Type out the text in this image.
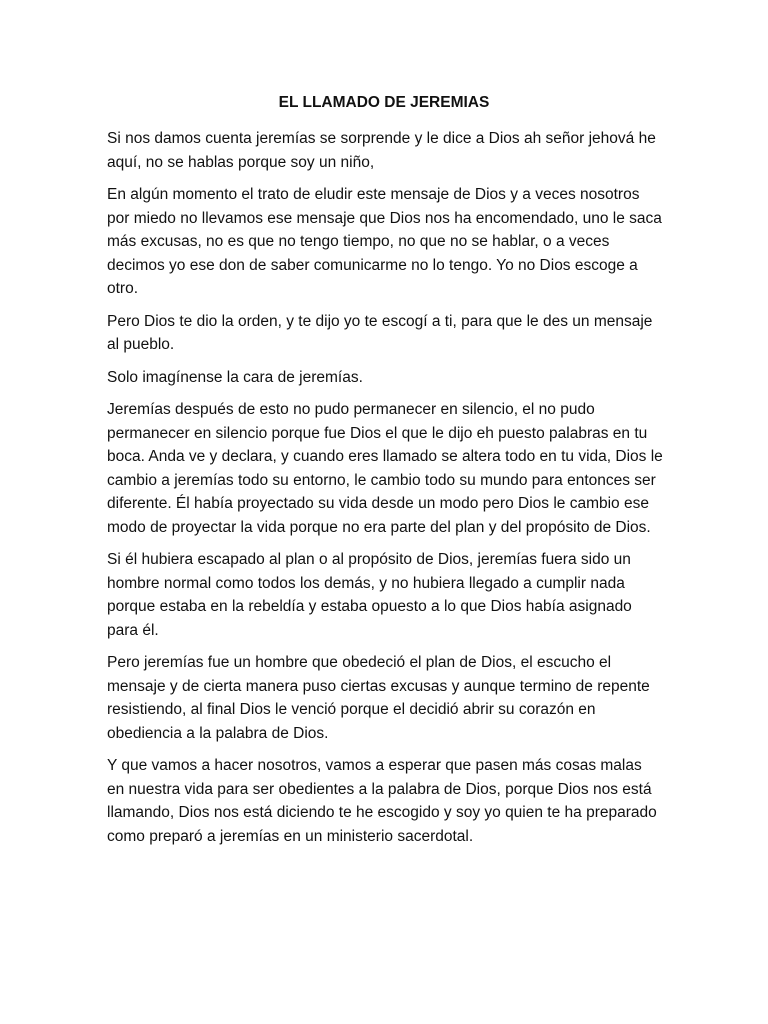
EL LLAMADO DE JEREMIAS

Si nos damos cuenta jeremías se sorprende y le dice a Dios ah señor jehová he aquí, no se hablas porque soy un niño,

En algún momento el trato de eludir este mensaje de Dios y a veces nosotros por miedo no llevamos ese mensaje que Dios nos ha encomendado, uno le saca más excusas, no es que no tengo tiempo, no que no se hablar, o a veces decimos yo ese don de saber comunicarme no lo tengo. Yo no Dios escoge a otro.

Pero Dios te dio la orden, y te dijo yo te escogí a ti, para que le des un mensaje al pueblo.

Solo imagínense la cara de jeremías.

Jeremías después de esto no pudo permanecer en silencio, el no pudo permanecer en silencio porque fue Dios el que le dijo eh puesto palabras en tu boca. Anda ve y declara, y cuando eres llamado se altera todo en tu vida, Dios le cambio a jeremías todo su entorno, le cambio todo su mundo para entonces ser diferente. Él había proyectado su vida desde un modo pero Dios le cambio ese modo de proyectar la vida porque no era parte del plan y del propósito de Dios.

Si él hubiera escapado al plan o al propósito de Dios, jeremías fuera sido un hombre normal como todos los demás, y no hubiera llegado a cumplir nada porque estaba en la rebeldía y estaba opuesto a lo que Dios había asignado para él.

Pero jeremías fue un hombre que obedeció el plan de Dios, el escucho el mensaje y de cierta manera puso ciertas excusas y aunque termino de repente resistiendo, al final Dios le venció porque el decidió abrir su corazón en obediencia a la palabra de Dios.

Y que vamos a hacer nosotros, vamos a esperar que pasen más cosas malas en nuestra vida para ser obedientes a la palabra de Dios, porque Dios nos está llamando, Dios nos está diciendo te he escogido y soy yo quien te ha preparado como preparó a jeremías en un ministerio sacerdotal.
